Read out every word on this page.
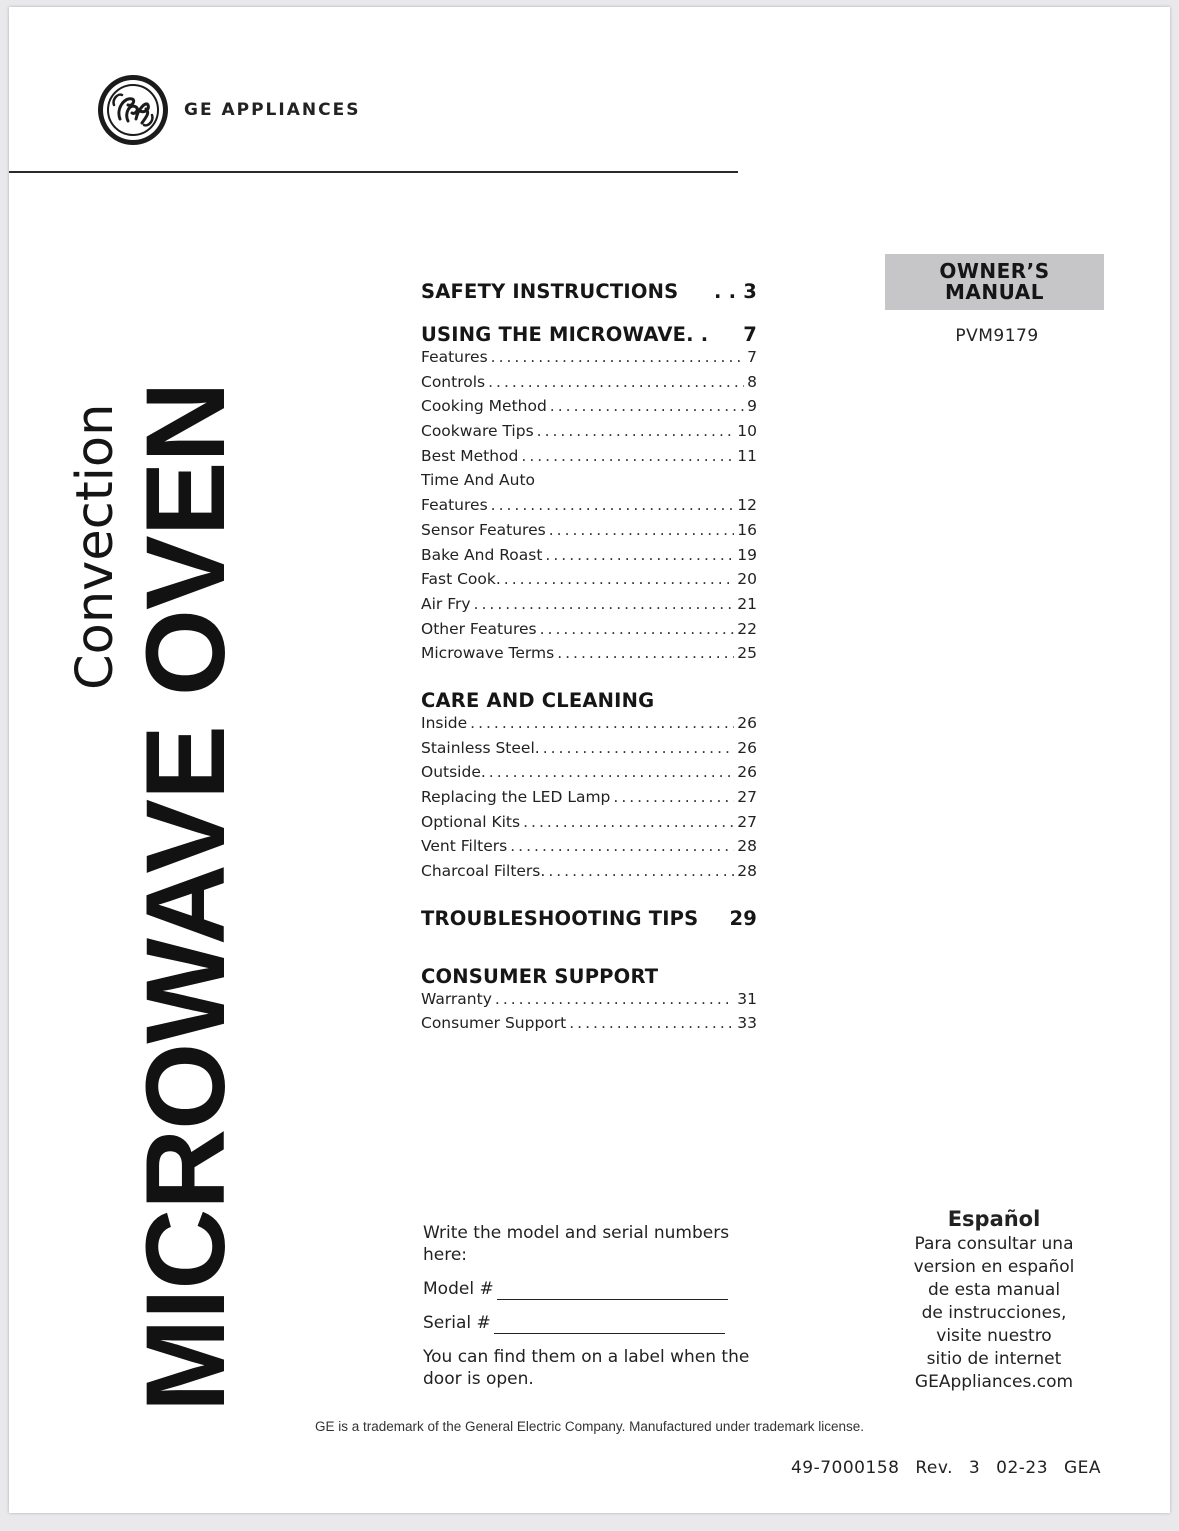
GE APPLIANCES
MICROWAVE OVEN
Convection
OWNER’S
MANUAL
PVM9179
SAFETY INSTRUCTIONS	. . 3
USING THE MICROWAVE. .	7
Features .....	7
Controls .....	8
Cooking Method .....	9
Cookware Tips .....	10
Best Method .....	11
Time And Auto
Features .....	12
Sensor Features .....	16
Bake And Roast .....	19
Fast Cook. .....	20
Air Fry .....	21
Other Features .....	22
Microwave Terms .....	25
CARE AND CLEANING
Inside .....	26
Stainless Steel. .....	26
Outside. .....	26
Replacing the LED Lamp .....	27
Optional Kits .....	27
Vent Filters .....	28
Charcoal Filters. .....	28
TROUBLESHOOTING TIPS	29
CONSUMER SUPPORT
Warranty .....	31
Consumer Support .....	33
Write the model and serial numbers here:
Model #
Serial #
You can find them on a label when the door is open.
Español
Para consultar una
version en español
de esta manual
de instrucciones,
visite nuestro
sitio de internet
GEAppliances.com
GE is a trademark of the General Electric Company. Manufactured under trademark license.
49-7000158 Rev. 3 02-23 GEA
